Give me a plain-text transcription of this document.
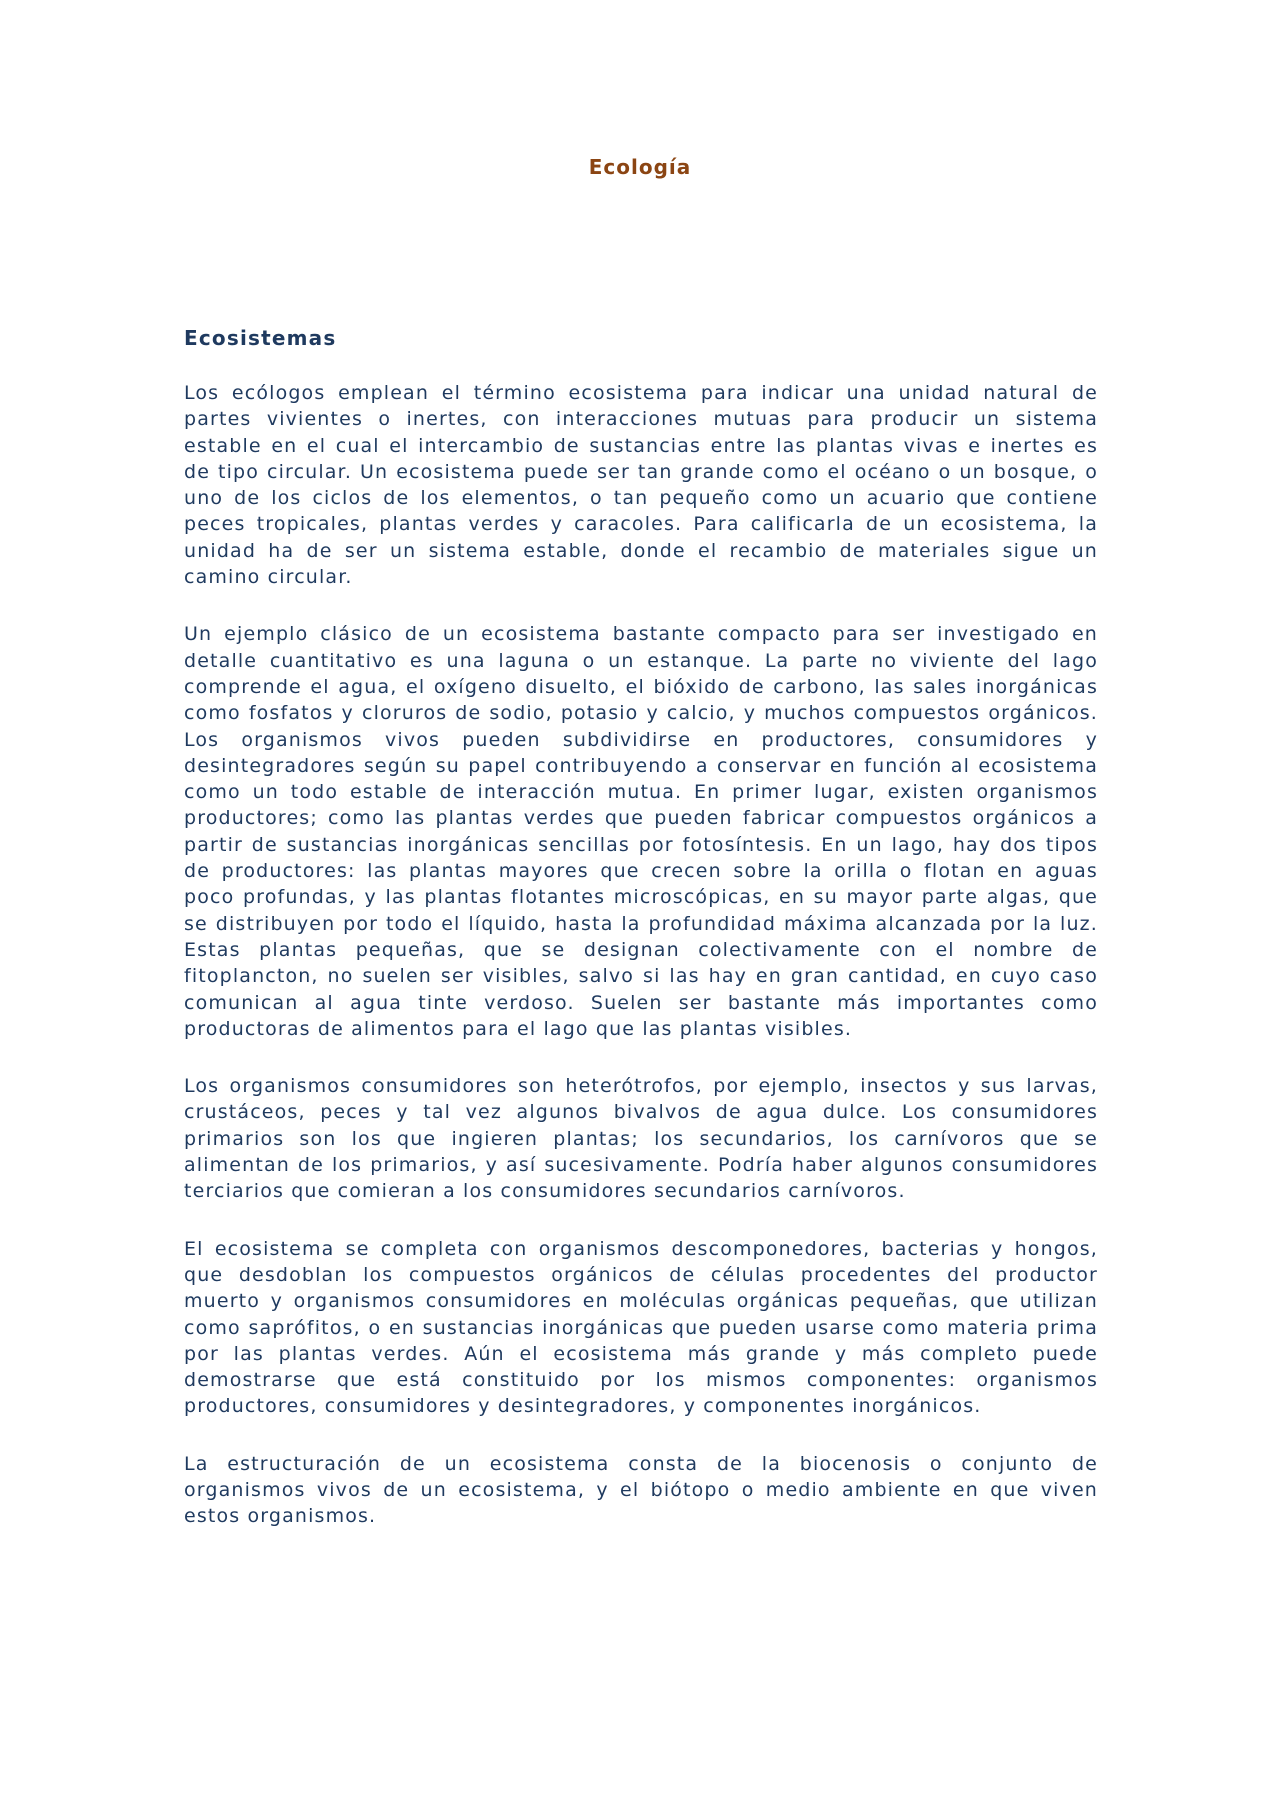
Ecología
Ecosistemas

Los ecólogos emplean el término ecosistema para indicar una unidad natural de partes vivientes o inertes, con interacciones mutuas para producir un sistema estable en el cual el intercambio de sustancias entre las plantas vivas e inertes es de tipo circular. Un ecosistema puede ser tan grande como el océano o un bosque, o uno de los ciclos de los elementos, o tan pequeño como un acuario que contiene peces tropicales, plantas verdes y caracoles. Para calificarla de un ecosistema, la unidad ha de ser un sistema estable, donde el recambio de materiales sigue un camino circular.

Un ejemplo clásico de un ecosistema bastante compacto para ser investigado en detalle cuantitativo es una laguna o un estanque. La parte no viviente del lago comprende el agua, el oxígeno disuelto, el bióxido de carbono, las sales inorgánicas como fosfatos y cloruros de sodio, potasio y calcio, y muchos compuestos orgánicos. Los organismos vivos pueden subdividirse en productores, consumidores y desintegradores según su papel contribuyendo a conservar en función al ecosistema como un todo estable de interacción mutua. En primer lugar, existen organismos productores; como las plantas verdes que pueden fabricar compuestos orgánicos a partir de sustancias inorgánicas sencillas por fotosíntesis. En un lago, hay dos tipos de productores: las plantas mayores que crecen sobre la orilla o flotan en aguas poco profundas, y las plantas flotantes microscópicas, en su mayor parte algas, que se distribuyen por todo el líquido, hasta la profundidad máxima alcanzada por la luz. Estas plantas pequeñas, que se designan colectivamente con el nombre de fitoplancton, no suelen ser visibles, salvo si las hay en gran cantidad, en cuyo caso comunican al agua tinte verdoso. Suelen ser bastante más importantes como productoras de alimentos para el lago que las plantas visibles.

Los organismos consumidores son heterótrofos, por ejemplo, insectos y sus larvas, crustáceos, peces y tal vez algunos bivalvos de agua dulce. Los consumidores primarios son los que ingieren plantas; los secundarios, los carnívoros que se alimentan de los primarios, y así sucesivamente. Podría haber algunos consumidores terciarios que comieran a los consumidores secundarios carnívoros.

El ecosistema se completa con organismos descomponedores, bacterias y hongos, que desdoblan los compuestos orgánicos de células procedentes del productor muerto y organismos consumidores en moléculas orgánicas pequeñas, que utilizan como saprófitos, o en sustancias inorgánicas que pueden usarse como materia prima por las plantas verdes. Aún el ecosistema más grande y más completo puede demostrarse que está constituido por los mismos componentes: organismos productores, consumidores y desintegradores, y componentes inorgánicos.

La estructuración de un ecosistema consta de la biocenosis o conjunto de organismos vivos de un ecosistema, y el biótopo o medio ambiente en que viven estos organismos.
